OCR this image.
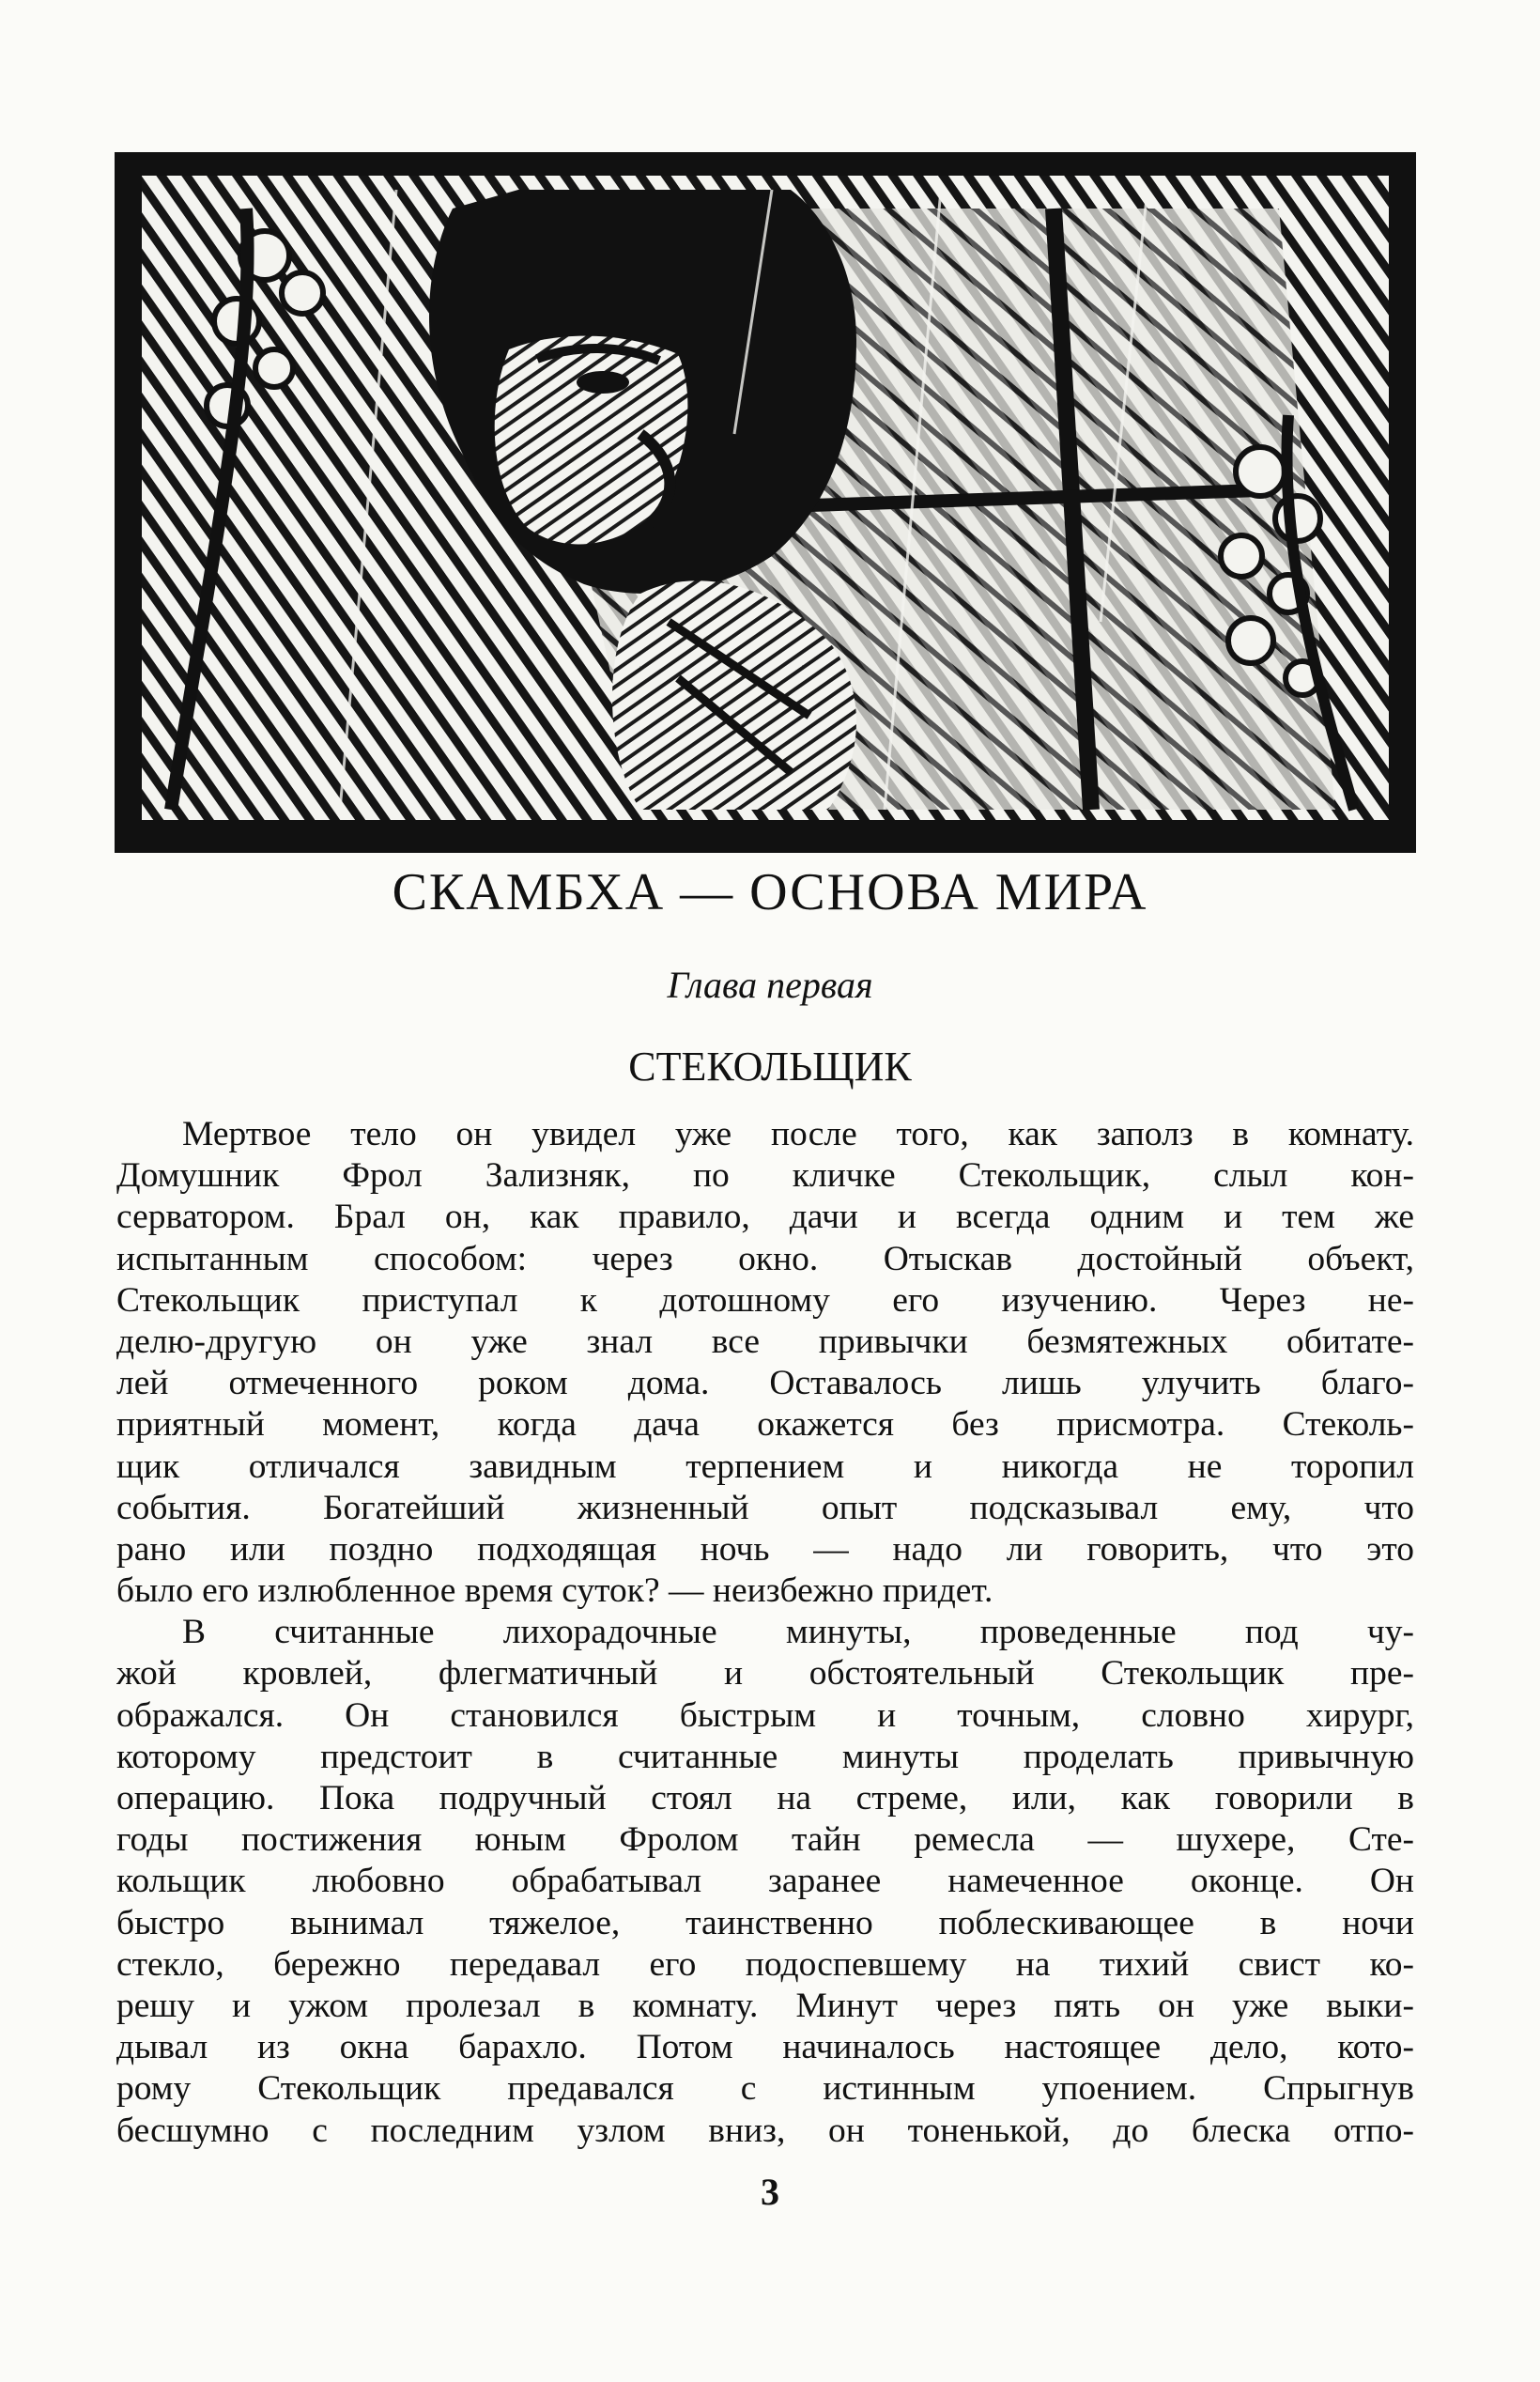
СКАМБХА — ОСНОВА МИРА
Глава первая
СТЕКОЛЬЩИК
Мертвое тело он увидел уже после того, как заполз в комнату.
Домушник Фрол Зализняк, по кличке Стекольщик, слыл кон-
серватором. Брал он, как правило, дачи и всегда одним и тем же
испытанным способом: через окно. Отыскав достойный объект,
Стекольщик приступал к дотошному его изучению. Через не-
делю-другую он уже знал все привычки безмятежных обитате-
лей отмеченного роком дома. Оставалось лишь улучить благо-
приятный момент, когда дача окажется без присмотра. Стеколь-
щик отличался завидным терпением и никогда не торопил
события. Богатейший жизненный опыт подсказывал ему, что
рано или поздно подходящая ночь — надо ли говорить, что это
было его излюбленное время суток? — неизбежно придет.
В считанные лихорадочные минуты, проведенные под чу-
жой кровлей, флегматичный и обстоятельный Стекольщик пре-
ображался. Он становился быстрым и точным, словно хирург,
которому предстоит в считанные минуты проделать привычную
операцию. Пока подручный стоял на стреме, или, как говорили в
годы постижения юным Фролом тайн ремесла — шухере, Сте-
кольщик любовно обрабатывал заранее намеченное оконце. Он
быстро вынимал тяжелое, таинственно поблескивающее в ночи
стекло, бережно передавал его подоспевшему на тихий свист ко-
решу и ужом пролезал в комнату. Минут через пять он уже выки-
дывал из окна барахло. Потом начиналось настоящее дело, кото-
рому Стекольщик предавался с истинным упоением. Спрыгнув
бесшумно с последним узлом вниз, он тоненькой, до блеска отпо-
3
